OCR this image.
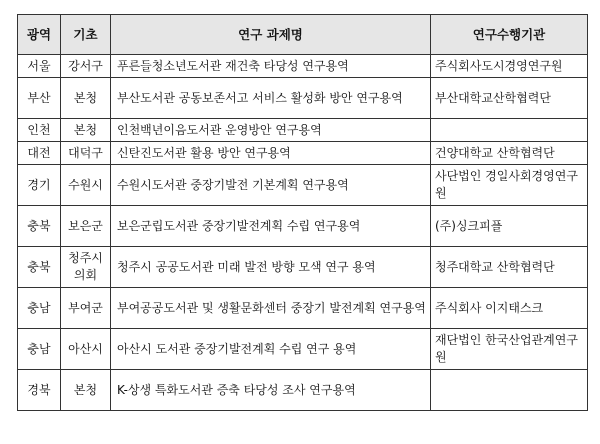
광역	기초	연구 과제명	연구수행기관
서울	강서구	푸른들청소년도서관 재건축 타당성 연구용역	주식회사도시경영연구원
부산	본청	부산도서관 공동보존서고 서비스 활성화 방안 연구용역	부산대학교산학협력단
인천	본청	인천백년이음도서관 운영방안 연구용역	
대전	대덕구	신탄진도서관 활용 방안 연구용역	건양대학교 산학협력단
경기	수원시	수원시도서관 중장기발전 기본계획 연구용역	사단법인 경일사회경영연구원
충북	보은군	보은군립도서관 중장기발전계획 수립 연구용역	(주)싱크피플
충북	청주시의회	청주시 공공도서관 미래 발전 방향 모색 연구 용역	청주대학교 산학협력단
충남	부여군	부여공공도서관 및 생활문화센터 중장기 발전계획 연구용역	주식회사 이지태스크
충남	아산시	아산시 도서관 중장기발전계획 수립 연구 용역	재단법인 한국산업관계연구원
경북	본청	K-상생 특화도서관 증축 타당성 조사 연구용역	
